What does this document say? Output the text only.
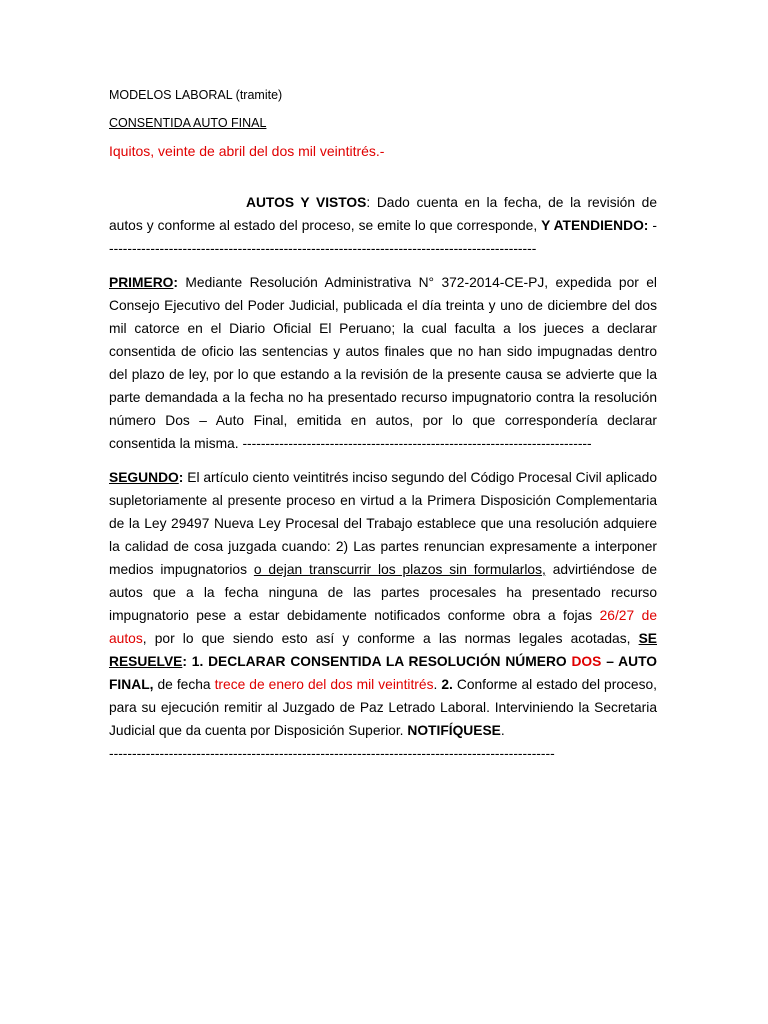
MODELOS LABORAL (tramite)
CONSENTIDA AUTO FINAL
Iquitos, veinte de abril del dos mil veintitrés.-

AUTOS Y VISTOS: Dado cuenta en la fecha, de la revisión de autos y conforme al estado del proceso, se emite lo que corresponde, Y ATENDIENDO: ----------------------------------------------------------------------------------------------

PRIMERO: Mediante Resolución Administrativa N° 372-2014-CE-PJ, expedida por el Consejo Ejecutivo del Poder Judicial, publicada el día treinta y uno de diciembre del dos mil catorce en el Diario Oficial El Peruano; la cual faculta a los jueces a declarar consentida de oficio las sentencias y autos finales que no han sido impugnadas dentro del plazo de ley, por lo que estando a la revisión de la presente causa se advierte que la parte demandada a la fecha no ha presentado recurso impugnatorio contra la resolución número Dos – Auto Final, emitida en autos, por lo que correspondería declarar consentida la misma. ----------------------------------------------------------------------------

SEGUNDO: El artículo ciento veintitrés inciso segundo del Código Procesal Civil aplicado supletoriamente al presente proceso en virtud a la Primera Disposición Complementaria de la Ley 29497 Nueva Ley Procesal del Trabajo establece que una resolución adquiere la calidad de cosa juzgada cuando: 2) Las partes renuncian expresamente a interponer medios impugnatorios o dejan transcurrir los plazos sin formularlos, advirtiéndose de autos que a la fecha ninguna de las partes procesales ha presentado recurso impugnatorio pese a estar debidamente notificados conforme obra a fojas 26/27 de autos, por lo que siendo esto así y conforme a las normas legales acotadas, SE RESUELVE: 1. DECLARAR CONSENTIDA LA RESOLUCIÓN NÚMERO DOS – AUTO FINAL, de fecha trece de enero del dos mil veintitrés. 2. Conforme al estado del proceso, para su ejecución remitir al Juzgado de Paz Letrado Laboral. Interviniendo la Secretaria Judicial que da cuenta por Disposición Superior. NOTIFÍQUESE.

-------------------------------------------------------------------------------------------------
